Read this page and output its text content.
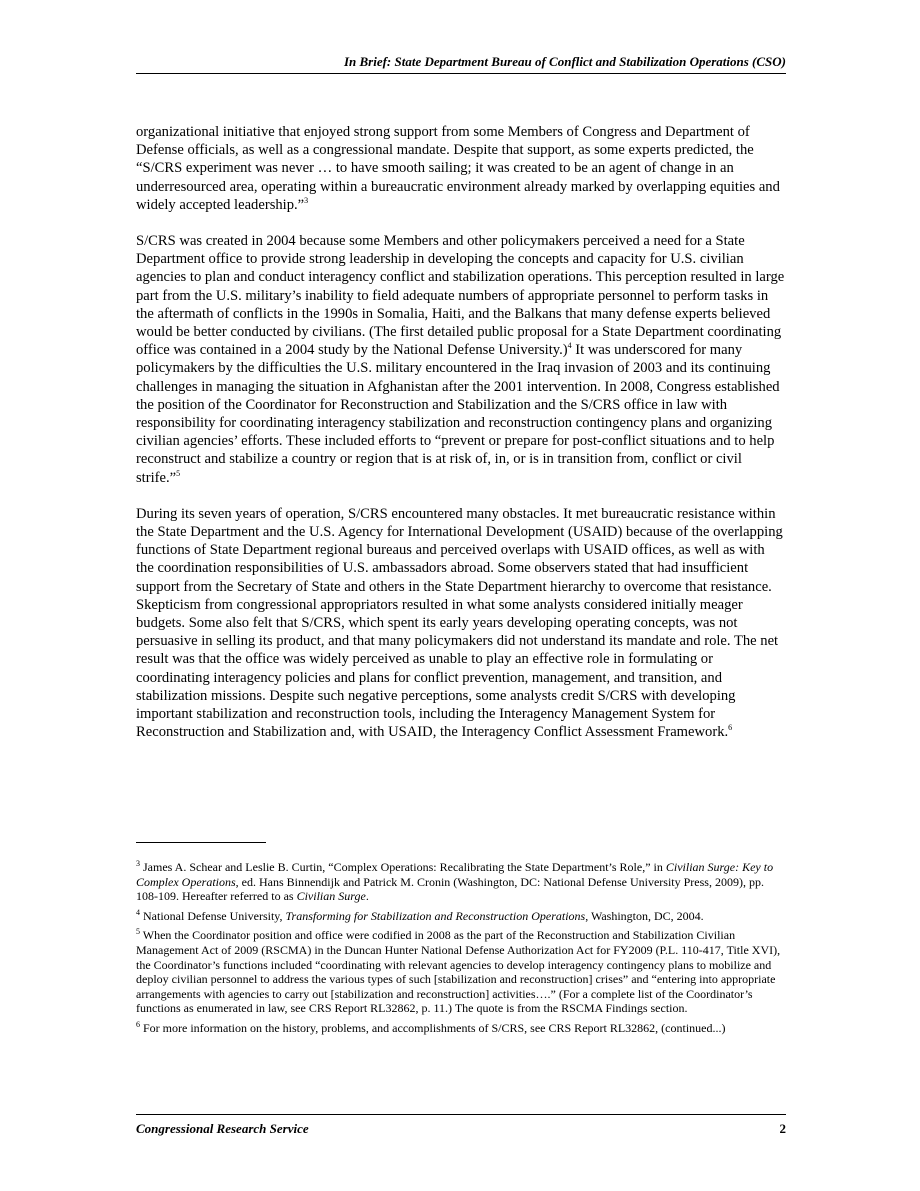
In Brief: State Department Bureau of Conflict and Stabilization Operations (CSO)

organizational initiative that enjoyed strong support from some Members of Congress and Department of Defense officials, as well as a congressional mandate. Despite that support, as some experts predicted, the “S/CRS experiment was never … to have smooth sailing; it was created to be an agent of change in an underresourced area, operating within a bureaucratic environment already marked by overlapping equities and widely accepted leadership.”$^3$

S/CRS was created in 2004 because some Members and other policymakers perceived a need for a State Department office to provide strong leadership in developing the concepts and capacity for U.S. civilian agencies to plan and conduct interagency conflict and stabilization operations. This perception resulted in large part from the U.S. military’s inability to field adequate numbers of appropriate personnel to perform tasks in the aftermath of conflicts in the 1990s in Somalia, Haiti, and the Balkans that many defense experts believed would be better conducted by civilians. (The first detailed public proposal for a State Department coordinating office was contained in a 2004 study by the National Defense University.)$^4$ It was underscored for many policymakers by the difficulties the U.S. military encountered in the Iraq invasion of 2003 and its continuing challenges in managing the situation in Afghanistan after the 2001 intervention. In 2008, Congress established the position of the Coordinator for Reconstruction and Stabilization and the S/CRS office in law with responsibility for coordinating interagency stabilization and reconstruction contingency plans and organizing civilian agencies’ efforts. These included efforts to “prevent or prepare for post-conflict situations and to help reconstruct and stabilize a country or region that is at risk of, in, or is in transition from, conflict or civil strife.”$^5$

During its seven years of operation, S/CRS encountered many obstacles. It met bureaucratic resistance within the State Department and the U.S. Agency for International Development (USAID) because of the overlapping functions of State Department regional bureaus and perceived overlaps with USAID offices, as well as with the coordination responsibilities of U.S. ambassadors abroad. Some observers stated that had insufficient support from the Secretary of State and others in the State Department hierarchy to overcome that resistance. Skepticism from congressional appropriators resulted in what some analysts considered initially meager budgets. Some also felt that S/CRS, which spent its early years developing operating concepts, was not persuasive in selling its product, and that many policymakers did not understand its mandate and role. The net result was that the office was widely perceived as unable to play an effective role in formulating or coordinating interagency policies and plans for conflict prevention, management, and transition, and stabilization missions. Despite such negative perceptions, some analysts credit S/CRS with developing important stabilization and reconstruction tools, including the Interagency Management System for Reconstruction and Stabilization and, with USAID, the Interagency Conflict Assessment Framework.$^6$

$^3$ James A. Schear and Leslie B. Curtin, “Complex Operations: Recalibrating the State Department’s Role,” in Civilian Surge: Key to Complex Operations, ed. Hans Binnendijk and Patrick M. Cronin (Washington, DC: National Defense University Press, 2009), pp. 108-109. Hereafter referred to as Civilian Surge.

$^4$ National Defense University, Transforming for Stabilization and Reconstruction Operations, Washington, DC, 2004.

$^5$ When the Coordinator position and office were codified in 2008 as the part of the Reconstruction and Stabilization Civilian Management Act of 2009 (RSCMA) in the Duncan Hunter National Defense Authorization Act for FY2009 (P.L. 110-417, Title XVI), the Coordinator’s functions included “coordinating with relevant agencies to develop interagency contingency plans to mobilize and deploy civilian personnel to address the various types of such [stabilization and reconstruction] crises” and “entering into appropriate arrangements with agencies to carry out [stabilization and reconstruction] activities….” (For a complete list of the Coordinator’s functions as enumerated in law, see CRS Report RL32862, p. 11.) The quote is from the RSCMA Findings section.

$^6$ For more information on the history, problems, and accomplishments of S/CRS, see CRS Report RL32862, (continued...)

Congressional Research Service	2
